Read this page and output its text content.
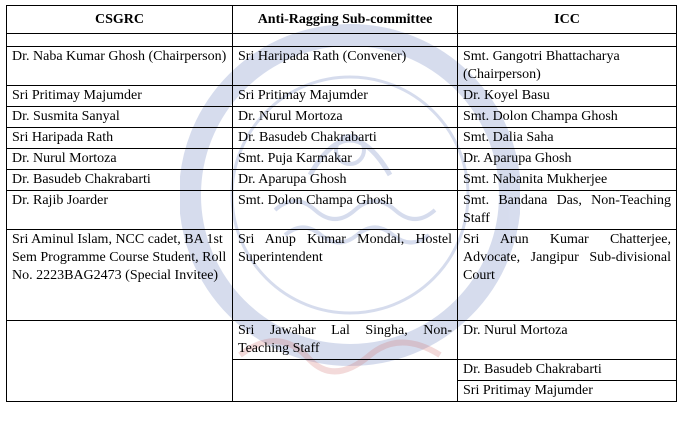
CSGRC	Anti-Ragging Sub-committee	ICC

Dr. Naba Kumar Ghosh (Chairperson)	Sri Haripada Rath (Convener)	Smt. Gangotri Bhattacharya (Chairperson)
Sri Pritimay Majumder	Sri Pritimay Majumder	Dr. Koyel Basu
Dr. Susmita Sanyal	Dr. Nurul Mortoza	Smt. Dolon Champa Ghosh
Sri Haripada Rath	Dr. Basudeb Chakrabarti	Smt. Dalia Saha
Dr. Nurul Mortoza	Smt. Puja Karmakar	Dr. Aparupa Ghosh
Dr. Basudeb Chakrabarti	Dr. Aparupa Ghosh	Smt. Nabanita Mukherjee
Dr. Rajib Joarder	Smt. Dolon Champa Ghosh	Smt. Bandana Das, Non-Teaching Staff
Sri Aminul Islam, NCC cadet, BA 1st Sem Programme Course Student, Roll No. 2223BAG2473 (Special Invitee)	Sri Anup Kumar Mondal, Hostel Superintendent	Sri Arun Kumar Chatterjee, Advocate, Jangipur Sub-divisional Court
	Sri Jawahar Lal Singha, Non-Teaching Staff	Dr. Nurul Mortoza
		Dr. Basudeb Chakrabarti
		Sri Pritimay Majumder
